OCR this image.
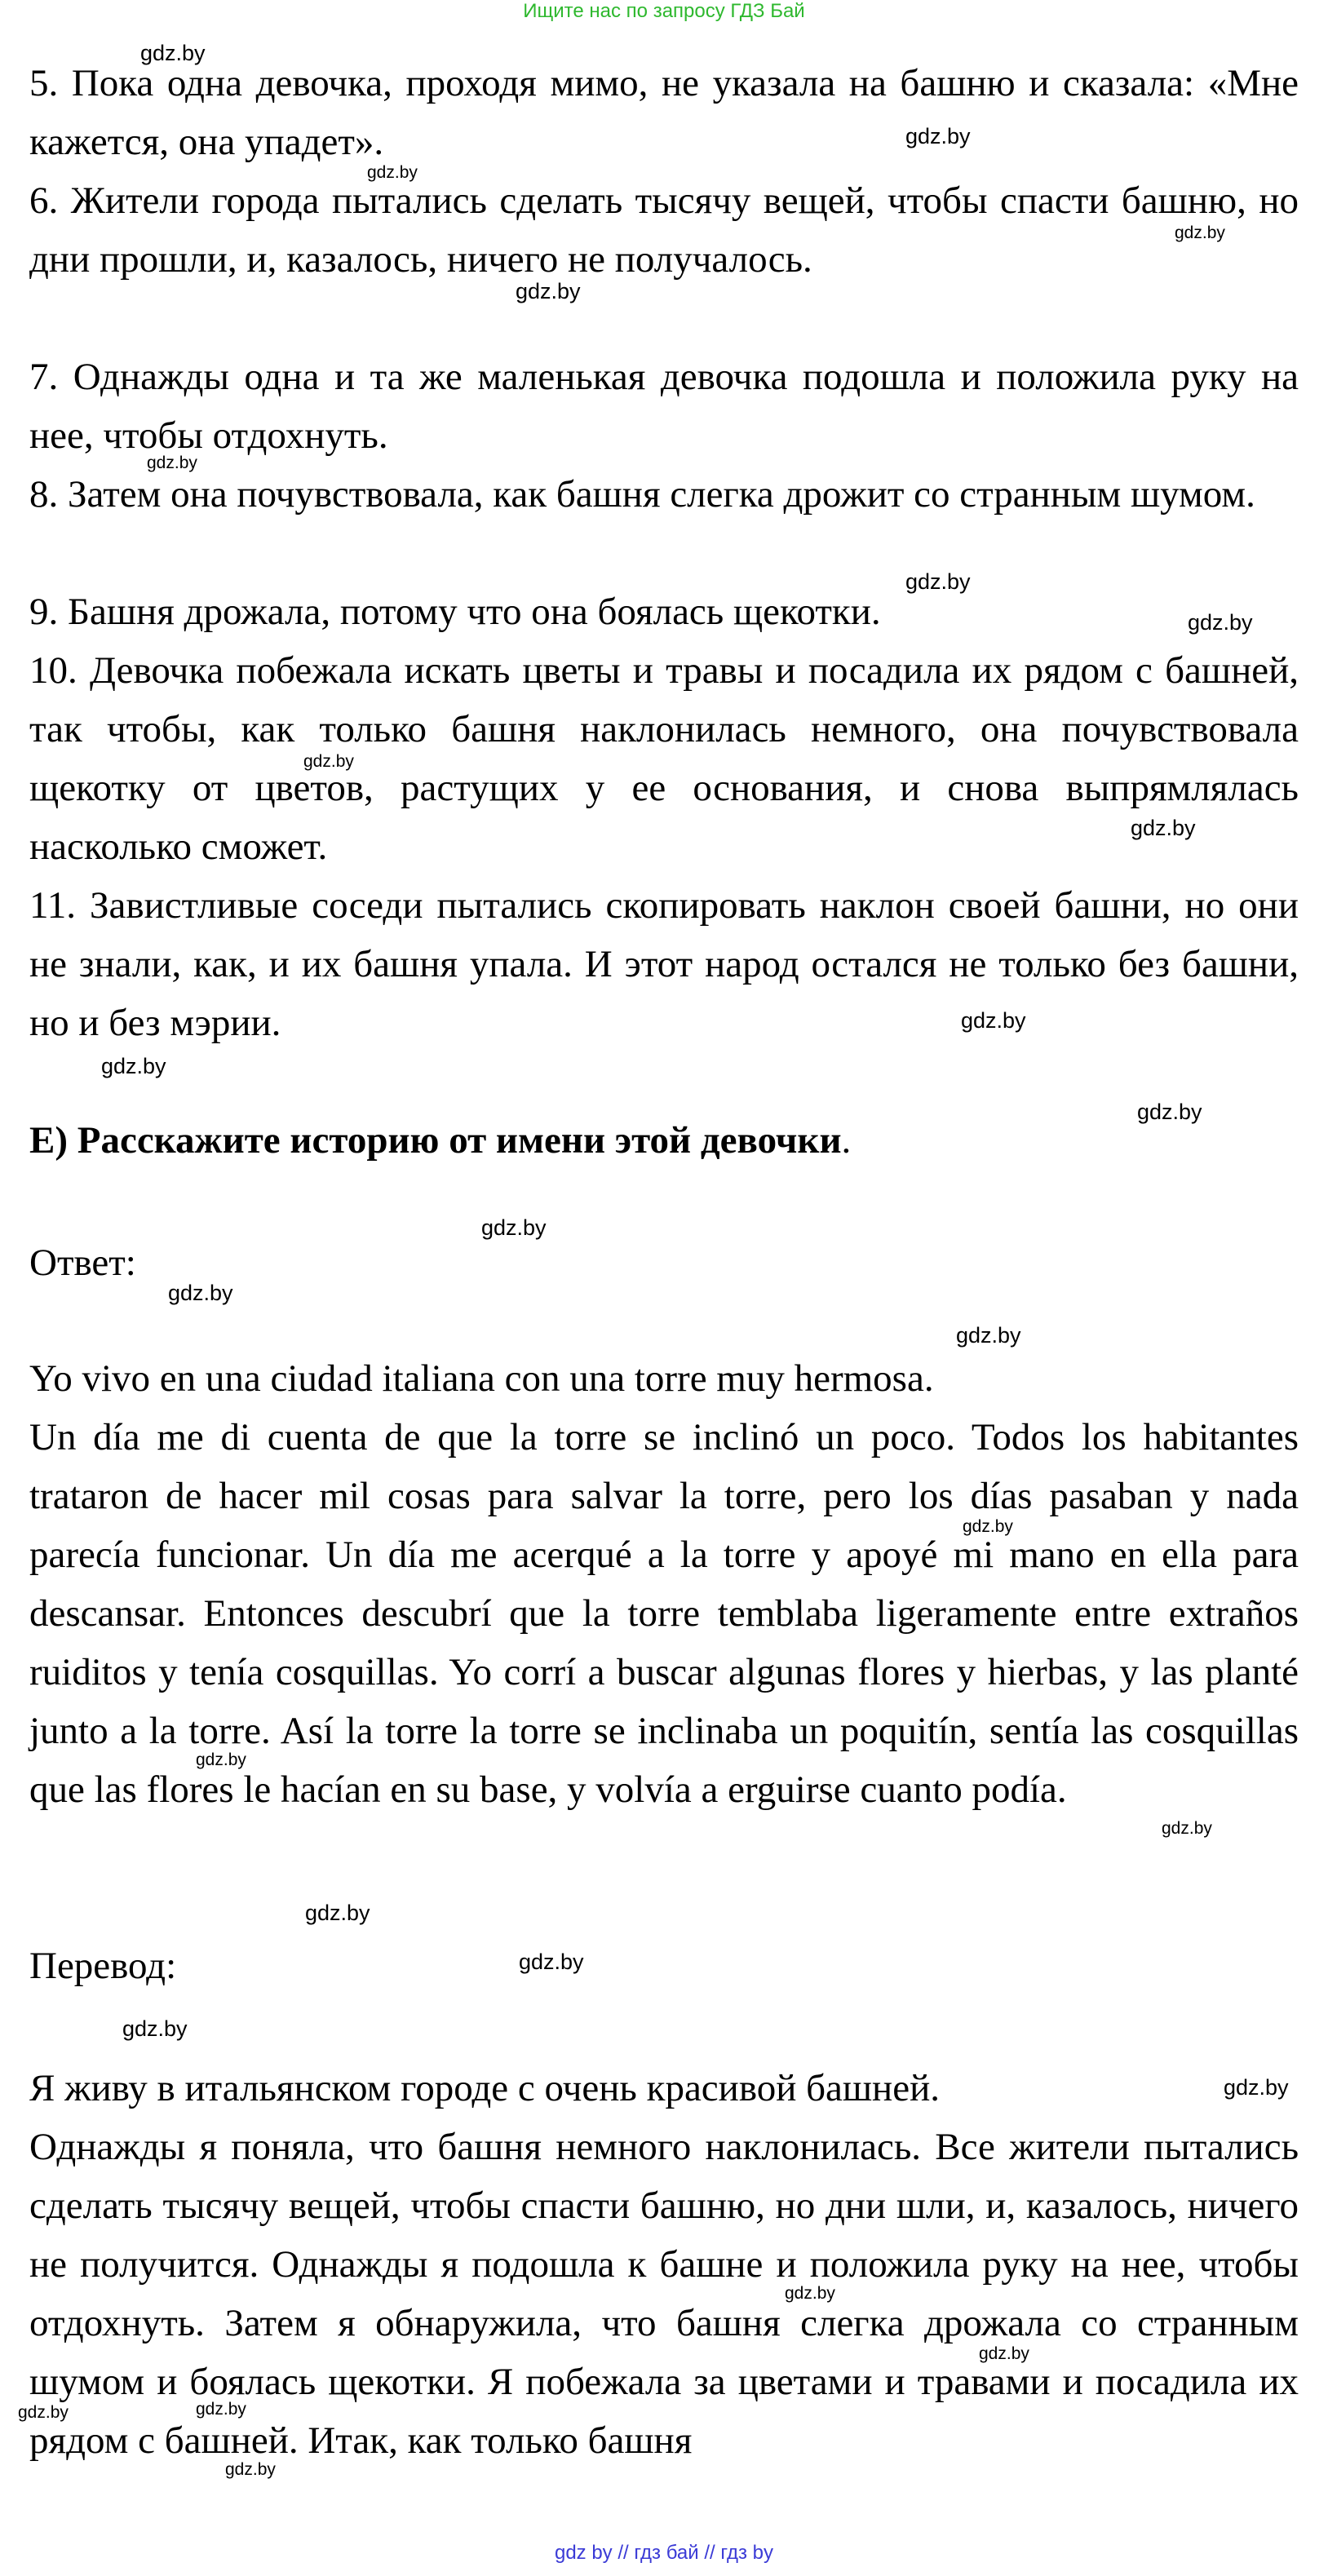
Ищите нас по запросу ГДЗ Бай

5. Пока одна девочка, проходя мимо, не указала на башню и сказала: «Мне кажется, она упадет».

6. Жители города пытались сделать тысячу вещей, чтобы спасти башню, но дни прошли, и, казалось, ничего не получалось.

7. Однажды одна и та же маленькая девочка подошла и положила руку на нее, чтобы отдохнуть.

8. Затем она почувствовала, как башня слегка дрожит со странным шумом.

9. Башня дрожала, потому что она боялась щекотки.

10. Девочка побежала искать цветы и травы и посадила их рядом с башней, так чтобы, как только башня наклонилась немного, она почувствовала щекотку от цветов, растущих у ее основания, и снова выпрямлялась насколько сможет.

11. Завистливые соседи пытались скопировать наклон своей башни, но они не знали, как, и их башня упала. И этот народ остался не только без башни, но и без мэрии.

E) Расскажите историю от имени этой девочки.

Ответ:

Yo vivo en una ciudad italiana con una torre muy hermosa.

Un día me di cuenta de que la torre se inclinó un poco. Todos los habitantes trataron de hacer mil cosas para salvar la torre, pero los días pasaban y nada parecía funcionar. Un día me acerqué a la torre y apoyé mi mano en ella para descansar. Entonces descubrí que la torre temblaba ligeramente entre extraños ruiditos y tenía cosquillas. Yo corrí a buscar algunas flores y hierbas, y las planté junto a la torre. Así la torre la torre se inclinaba un poquitín, sentía las cosquillas que las flores le hacían en su base, y volvía a erguirse cuanto podía.

Перевод:

Я живу в итальянском городе с очень красивой башней.

Однажды я поняла, что башня немного наклонилась. Все жители пытались сделать тысячу вещей, чтобы спасти башню, но дни шли, и, казалось, ничего не получится. Однажды я подошла к башне и положила руку на нее, чтобы отдохнуть. Затем я обнаружила, что башня слегка дрожала со странным шумом и боялась щекотки. Я побежала за цветами и травами и посадила их рядом с башней. Итак, как только башня

gdz.by
gdz.by
gdz.by
gdz.by
gdz.by
gdz.by
gdz.by
gdz.by
gdz.by
gdz.by
gdz.by
gdz.by
gdz.by
gdz.by
gdz.by
gdz.by
gdz.by
gdz.by
gdz.by
gdz.by
gdz.by
gdz.by
gdz.by
gdz.by
gdz.by
gdz.by	gdz.by
gdz.by
gdz by // гдз бай // гдз by
